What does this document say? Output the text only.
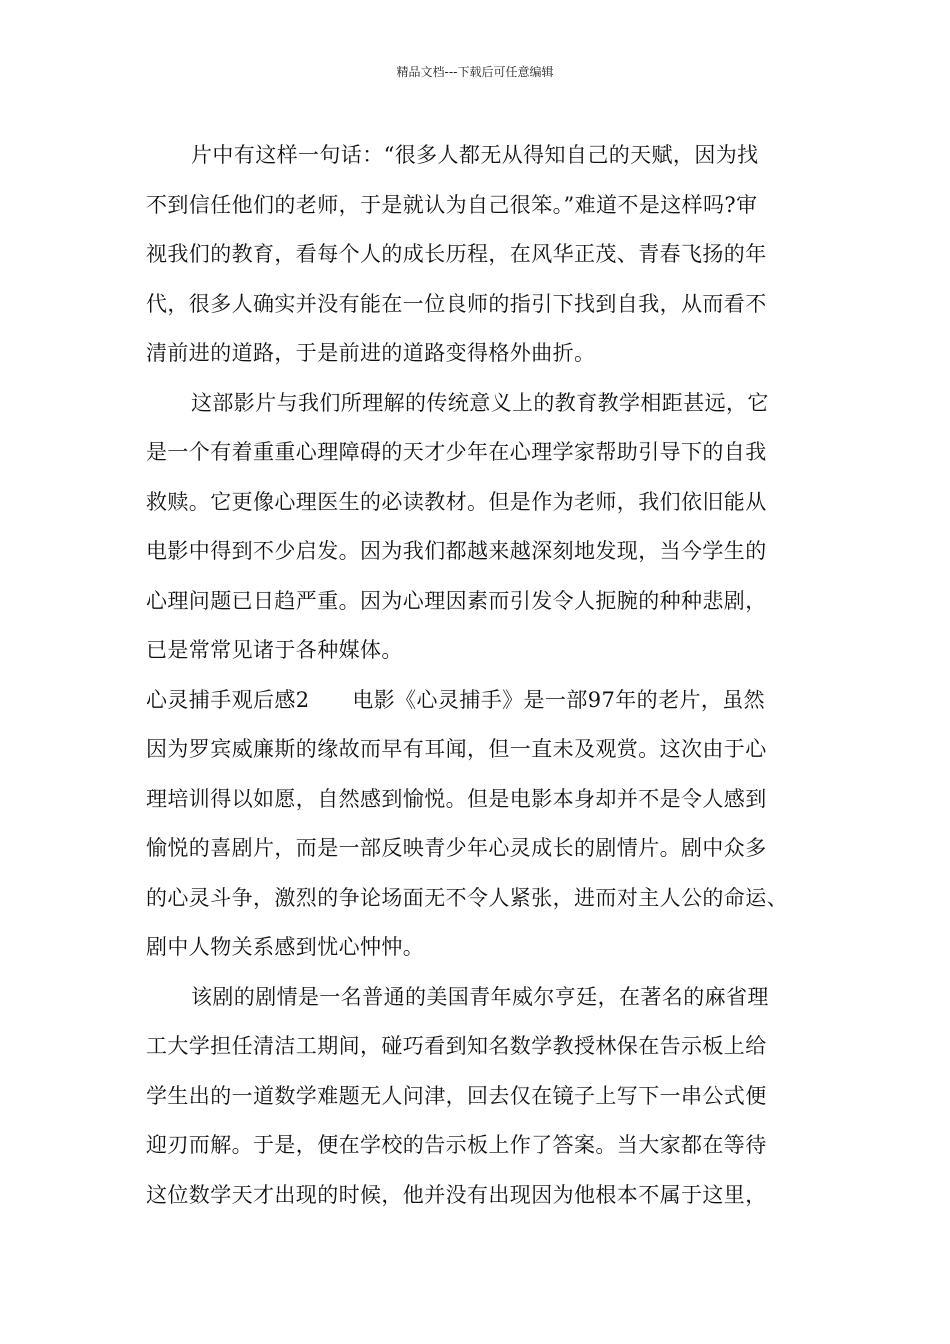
精品文档---下载后可任意编辑
片中有这样一句话：“很多人都无从得知自己的天赋，因为找
不到信任他们的老师，于是就认为自己很笨。”难道不是这样吗?审
视我们的教育，看每个人的成长历程，在风华正茂、青春飞扬的年
代，很多人确实并没有能在一位良师的指引下找到自我，从而看不
清前进的道路，于是前进的道路变得格外曲折。
这部影片与我们所理解的传统意义上的教育教学相距甚远，它
是一个有着重重心理障碍的天才少年在心理学家帮助引导下的自我
救赎。它更像心理医生的必读教材。但是作为老师，我们依旧能从
电影中得到不少启发。因为我们都越来越深刻地发现，当今学生的
心理问题已日趋严重。因为心理因素而引发令人扼腕的种种悲剧，
已是常常见诸于各种媒体。
心灵捕手观后感2　　电影《心灵捕手》是一部97年的老片，虽然
因为罗宾威廉斯的缘故而早有耳闻，但一直未及观赏。这次由于心
理培训得以如愿，自然感到愉悦。但是电影本身却并不是令人感到
愉悦的喜剧片，而是一部反映青少年心灵成长的剧情片。剧中众多
的心灵斗争，激烈的争论场面无不令人紧张，进而对主人公的命运、
剧中人物关系感到忧心忡忡。
该剧的剧情是一名普通的美国青年威尔亨廷，在著名的麻省理
工大学担任清洁工期间，碰巧看到知名数学教授林保在告示板上给
学生出的一道数学难题无人问津，回去仅在镜子上写下一串公式便
迎刃而解。于是，便在学校的告示板上作了答案。当大家都在等待
这位数学天才出现的时候，他并没有出现因为他根本不属于这里，
